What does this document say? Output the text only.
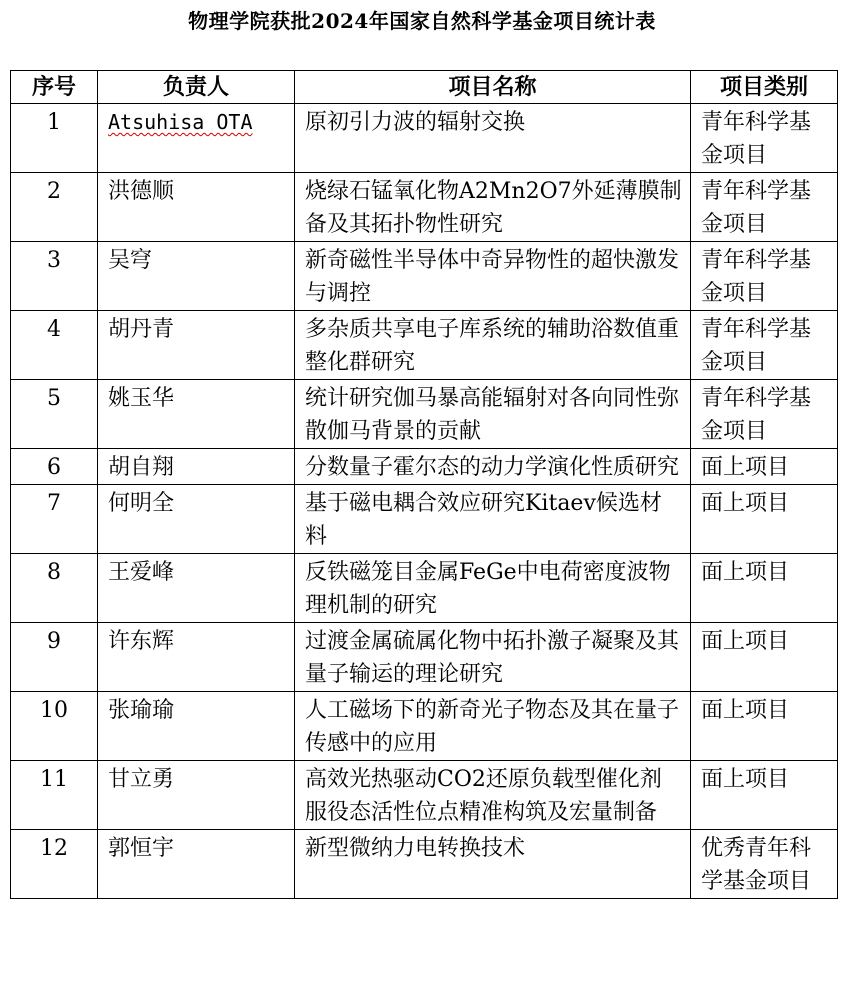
物理学院获批2024年国家自然科学基金项目统计表
序号	负责人	项目名称	项目类别
1	Atsuhisa OTA	原初引力波的辐射交换	青年科学基金项目
2	洪德顺	烧绿石锰氧化物A2Mn2O7外延薄膜制备及其拓扑物性研究	青年科学基金项目
3	吴穹	新奇磁性半导体中奇异物性的超快激发与调控	青年科学基金项目
4	胡丹青	多杂质共享电子库系统的辅助浴数值重整化群研究	青年科学基金项目
5	姚玉华	统计研究伽马暴高能辐射对各向同性弥散伽马背景的贡献	青年科学基金项目
6	胡自翔	分数量子霍尔态的动力学演化性质研究	面上项目
7	何明全	基于磁电耦合效应研究Kitaev候选材料	面上项目
8	王爱峰	反铁磁笼目金属FeGe中电荷密度波物理机制的研究	面上项目
9	许东辉	过渡金属硫属化物中拓扑激子凝聚及其量子输运的理论研究	面上项目
10	张瑜瑜	人工磁场下的新奇光子物态及其在量子传感中的应用	面上项目
11	甘立勇	高效光热驱动CO2还原负载型催化剂服役态活性位点精准构筑及宏量制备	面上项目
12	郭恒宇	新型微纳力电转换技术	优秀青年科学基金项目
